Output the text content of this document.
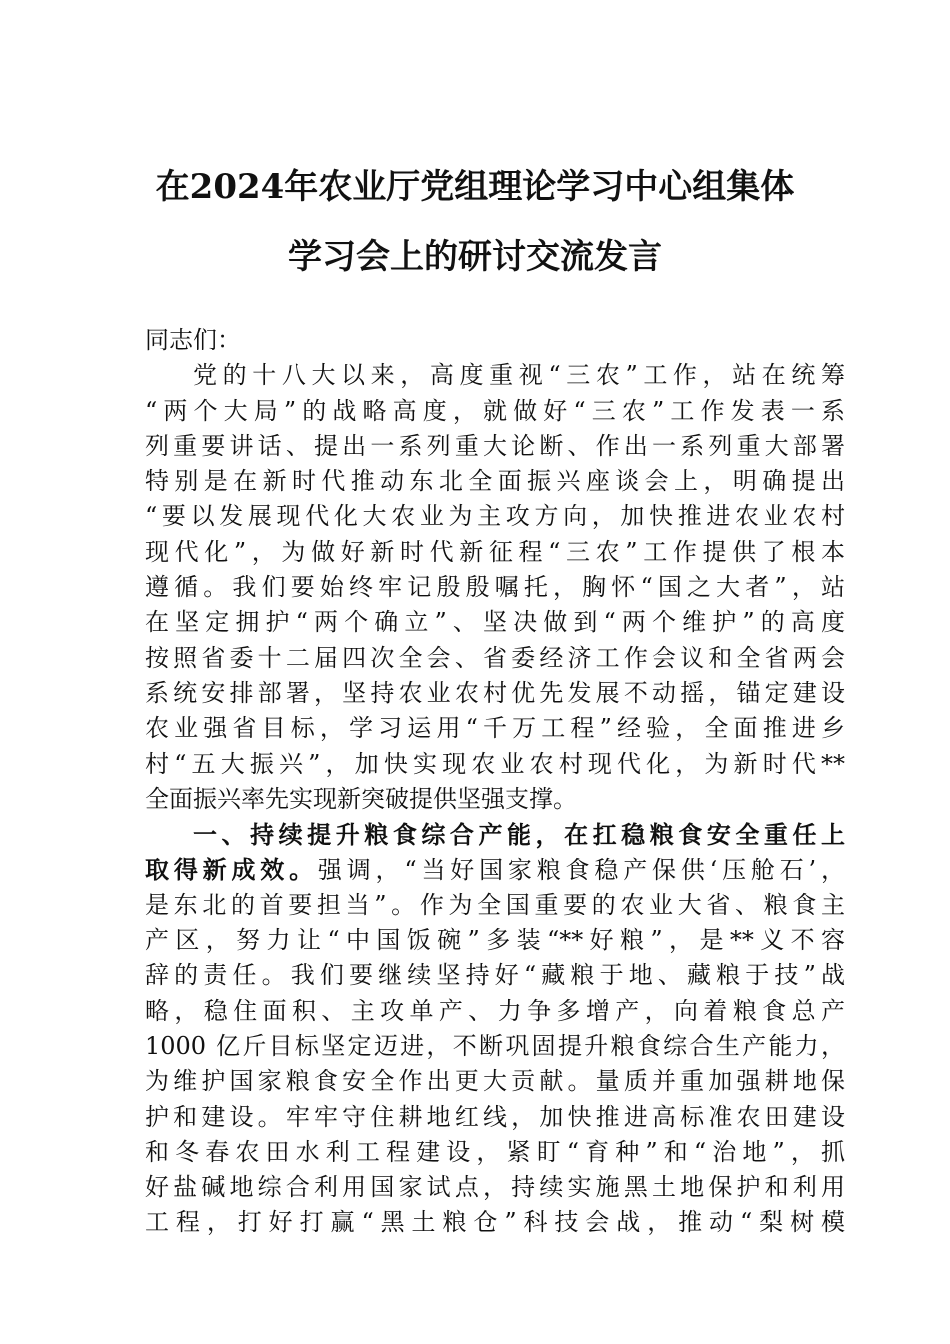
在2024年农业厅党组理论学习中心组集体
学习会上的研讨交流发言
同志们：
党的十八大以来，高度重视“三农”工作，站在统筹
“两个大局”的战略高度，就做好“三农”工作发表一系
列重要讲话、提出一系列重大论断、作出一系列重大部署
特别是在新时代推动东北全面振兴座谈会上，明确提出
“要以发展现代化大农业为主攻方向，加快推进农业农村
现代化”，为做好新时代新征程“三农”工作提供了根本
遵循。我们要始终牢记殷殷嘱托，胸怀“国之大者”，站
在坚定拥护“两个确立”、坚决做到“两个维护”的高度
按照省委十二届四次全会、省委经济工作会议和全省两会
系统安排部署，坚持农业农村优先发展不动摇，锚定建设
农业强省目标，学习运用“千万工程”经验，全面推进乡
村“五大振兴”，加快实现农业农村现代化，为新时代**
全面振兴率先实现新突破提供坚强支撑。
一、持续提升粮食综合产能，在扛稳粮食安全重任上
取得新成效。强调，“当好国家粮食稳产保供‘压舱石’，
是东北的首要担当”。作为全国重要的农业大省、粮食主
产区，努力让“中国饭碗”多装“**好粮”，是**义不容
辞的责任。我们要继续坚持好“藏粮于地、藏粮于技”战
略，稳住面积、主攻单产、力争多增产，向着粮食总产
1000 亿斤目标坚定迈进，不断巩固提升粮食综合生产能力，
为维护国家粮食安全作出更大贡献。量质并重加强耕地保
护和建设。牢牢守住耕地红线，加快推进高标准农田建设
和冬春农田水利工程建设，紧盯“育种”和“治地”，抓
好盐碱地综合利用国家试点，持续实施黑土地保护和利用
工程，打好打赢“黑土粮仓”科技会战，推动“梨树模
